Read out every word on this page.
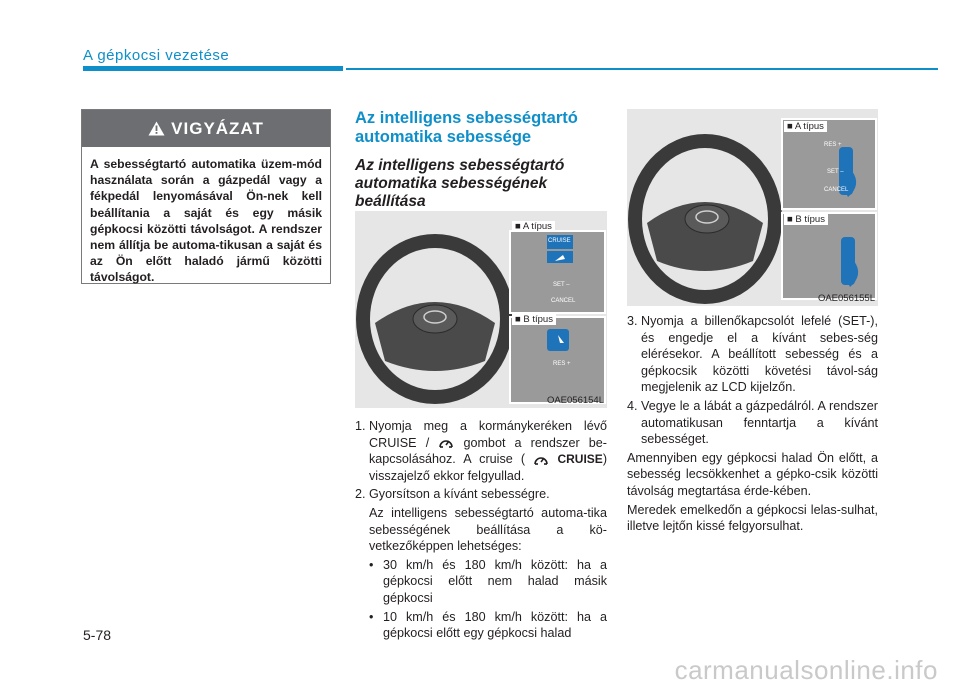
A gépkocsi vezetése
VIGYÁZAT
A sebességtartó automatika üzem-mód használata során a gázpedál vagy a fékpedál lenyomásával Ön-nek kell beállítania a saját és egy másik gépkocsi közötti távolságot. A rendszer nem állítja be automa-tikusan a saját és az Ön előtt haladó jármű közötti távolságot.

Az intelligens sebességtartó automatika sebessége

Az intelligens sebességtartó automatika sebességének beállítása

■ A típus
■ B típus
CRUISE
SET –
CANCEL
RES +
OAE056154L
■ A típus
■ B típus
RES +
SET –
CANCEL
OAE056155L
1. Nyomja meg a kormánykeréken lévő CRUISE /  gombot a rendszer be-kapcsolásához. A cruise (	CRUISE) visszajelző ekkor felgyullad.
2. Gyorsítson a kívánt sebességre.
Az intelligens sebességtartó automa-tika sebességének beállítása a kö-vetkezőképpen lehetséges:
• 30 km/h és 180 km/h között: ha a gépkocsi előtt nem halad másik gépkocsi
• 10 km/h és 180 km/h között: ha a gépkocsi előtt egy gépkocsi halad
3. Nyomja a billenőkapcsolót lefelé (SET-), és engedje el a kívánt sebes-ség elérésekor. A beállított sebesség és a gépkocsik közötti követési távol-ság megjelenik az LCD kijelzőn.
4. Vegye le a lábát a gázpedálról. A rendszer automatikusan fenntartja a kívánt sebességet.

Amennyiben egy gépkocsi halad Ön előtt, a sebesség lecsökkenhet a gépko-csik közötti távolság megtartása érde-kében.

Meredek emelkedőn a gépkocsi lelas-sulhat, illetve lejtőn kissé felgyorsulhat.

5-78
carmanualsonline.info
